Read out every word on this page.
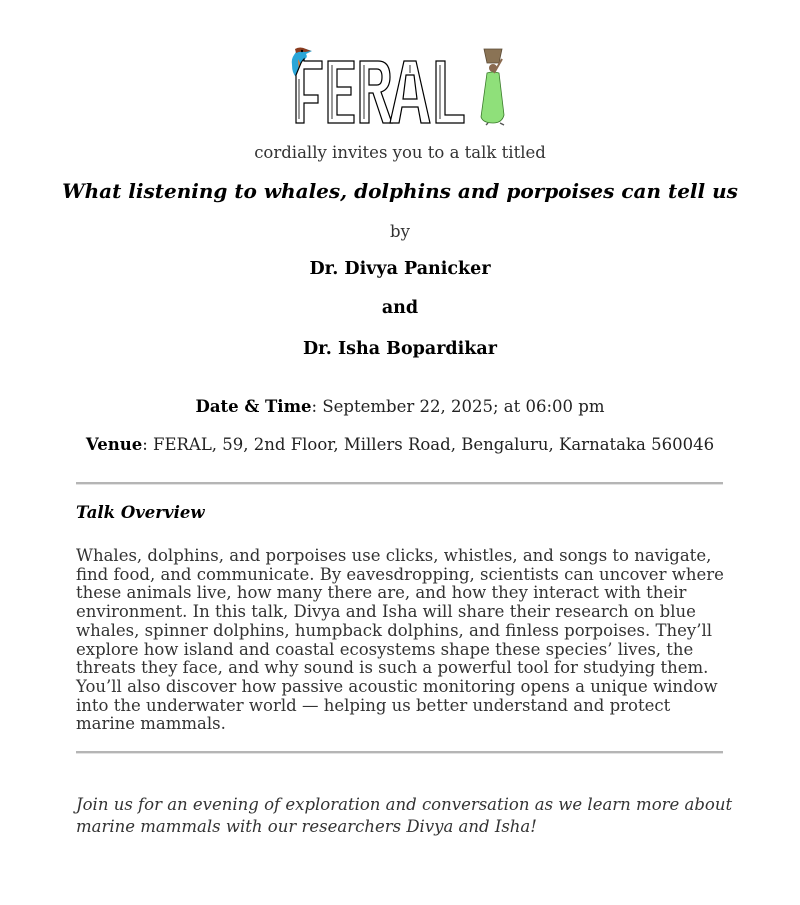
cordially invites you to a talk titled
What listening to whales, dolphins and porpoises can tell us
by
Dr. Divya Panicker
and
Dr. Isha Bopardikar
Date & Time: September 22, 2025; at 06:00 pm
Venue: FERAL, 59, 2nd Floor, Millers Road, Bengaluru, Karnataka 560046
Talk Overview

Whales, dolphins, and porpoises use clicks, whistles, and songs to navigate, find food, and communicate. By eavesdropping, scientists can uncover where these animals live, how many there are, and how they interact with their environment. In this talk, Divya and Isha will share their research on blue whales, spinner dolphins, humpback dolphins, and finless porpoises. They’ll explore how island and coastal ecosystems shape these species’ lives, the threats they face, and why sound is such a powerful tool for studying them. You’ll also discover how passive acoustic monitoring opens a unique window into the underwater world — helping us better understand and protect marine mammals.

Join us for an evening of exploration and conversation as we learn more about marine mammals with our researchers Divya and Isha!
